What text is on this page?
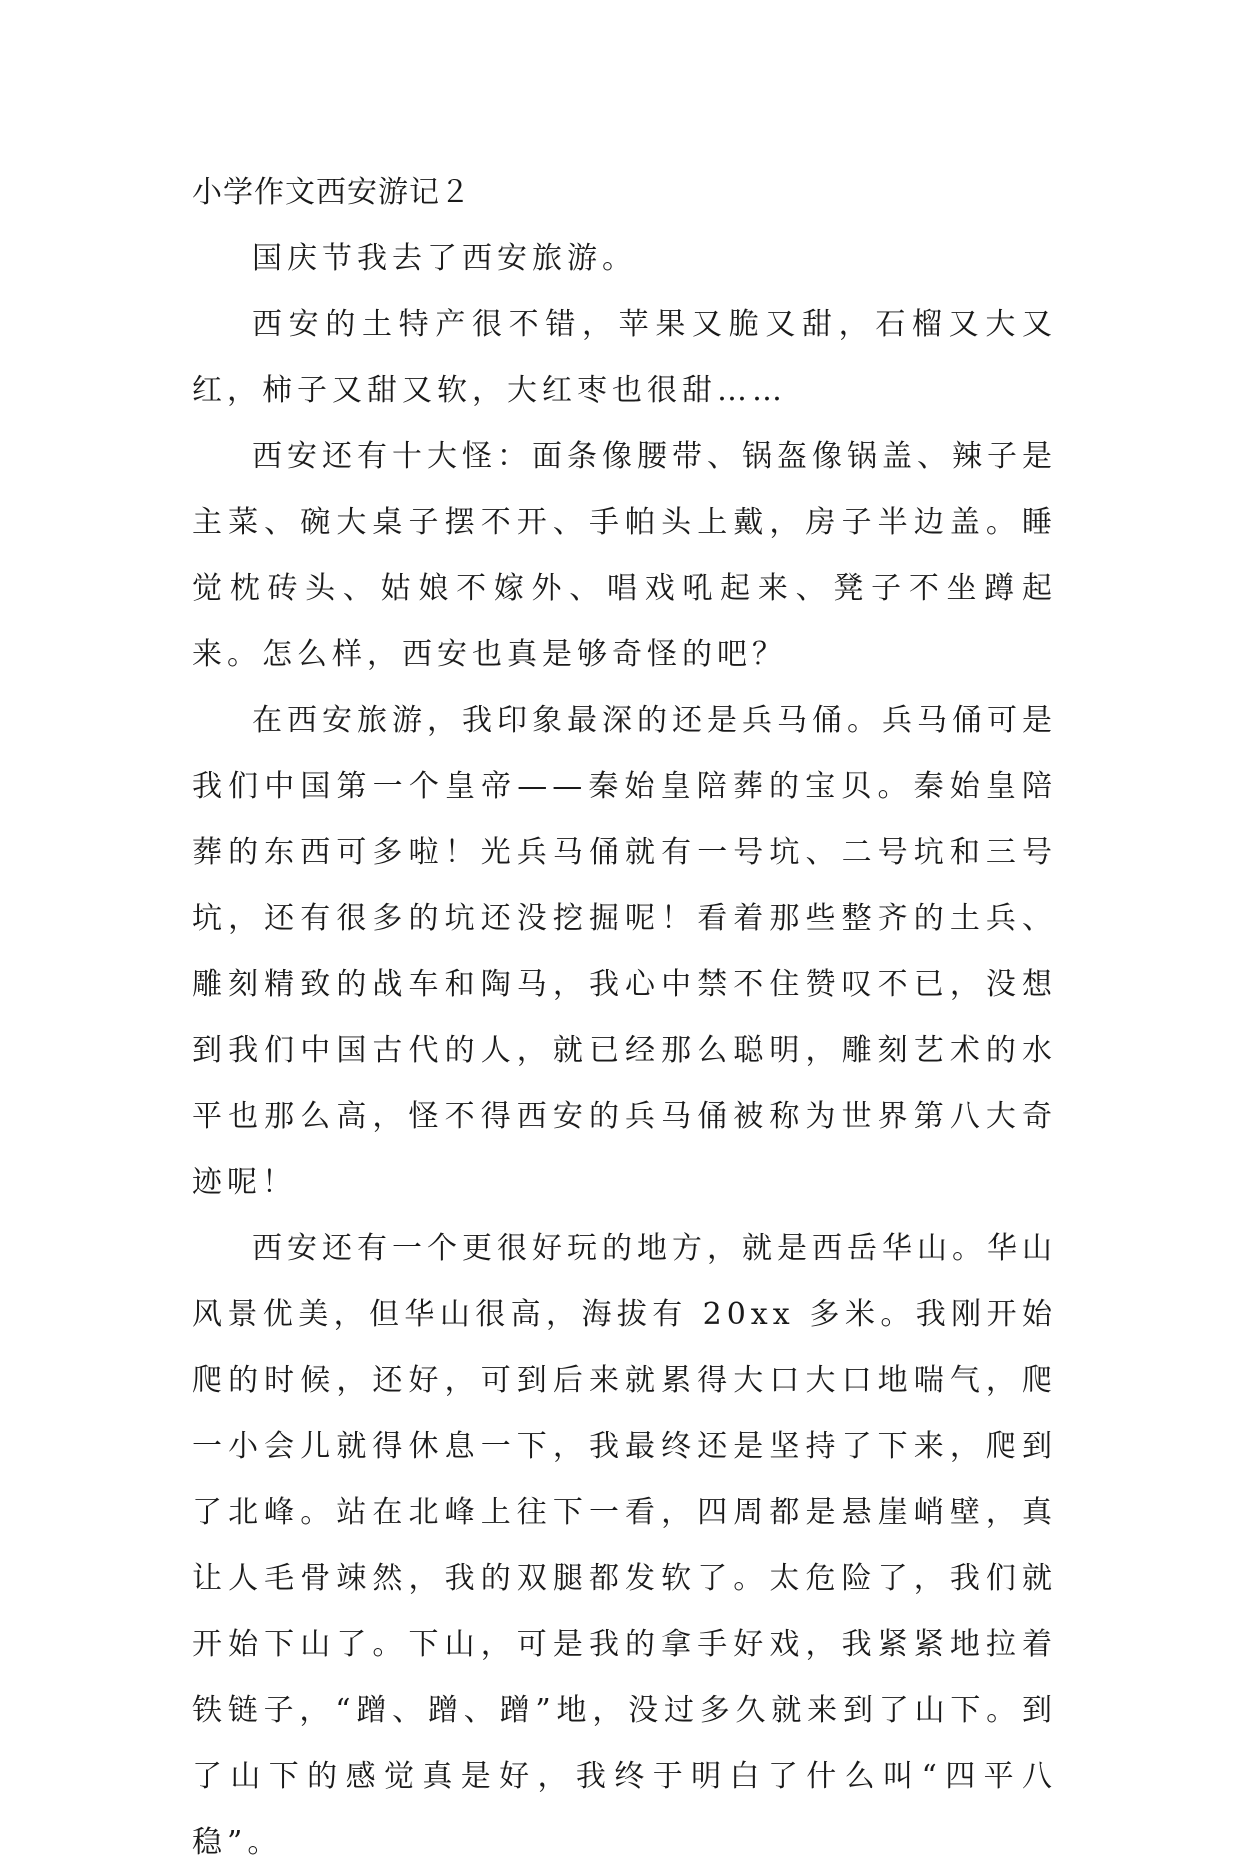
小学作文西安游记２

国庆节我去了西安旅游。

西安的土特产很不错，苹果又脆又甜，石榴又大又红，柿子又甜又软，大红枣也很甜……

西安还有十大怪：面条像腰带、锅盔像锅盖、辣子是主菜、碗大桌子摆不开、手帕头上戴，房子半边盖。睡觉枕砖头、姑娘不嫁外、唱戏吼起来、凳子不坐蹲起来。怎么样，西安也真是够奇怪的吧？

在西安旅游，我印象最深的还是兵马俑。兵马俑可是我们中国第一个皇帝——秦始皇陪葬的宝贝。秦始皇陪葬的东西可多啦！光兵马俑就有一号坑、二号坑和三号坑，还有很多的坑还没挖掘呢！看着那些整齐的土兵、雕刻精致的战车和陶马，我心中禁不住赞叹不已，没想到我们中国古代的人，就已经那么聪明，雕刻艺术的水平也那么高，怪不得西安的兵马俑被称为世界第八大奇迹呢！

西安还有一个更很好玩的地方，就是西岳华山。华山风景优美，但华山很高，海拔有 20xx 多米。我刚开始爬的时候，还好，可到后来就累得大口大口地喘气，爬一小会儿就得休息一下，我最终还是坚持了下来，爬到了北峰。站在北峰上往下一看，四周都是悬崖峭壁，真让人毛骨竦然，我的双腿都发软了。太危险了，我们就开始下山了。下山，可是我的拿手好戏，我紧紧地拉着铁链子，“蹭、蹭、蹭”地，没过多久就来到了山下。到了山下的感觉真是好，我终于明白了什么叫“四平八稳”。
